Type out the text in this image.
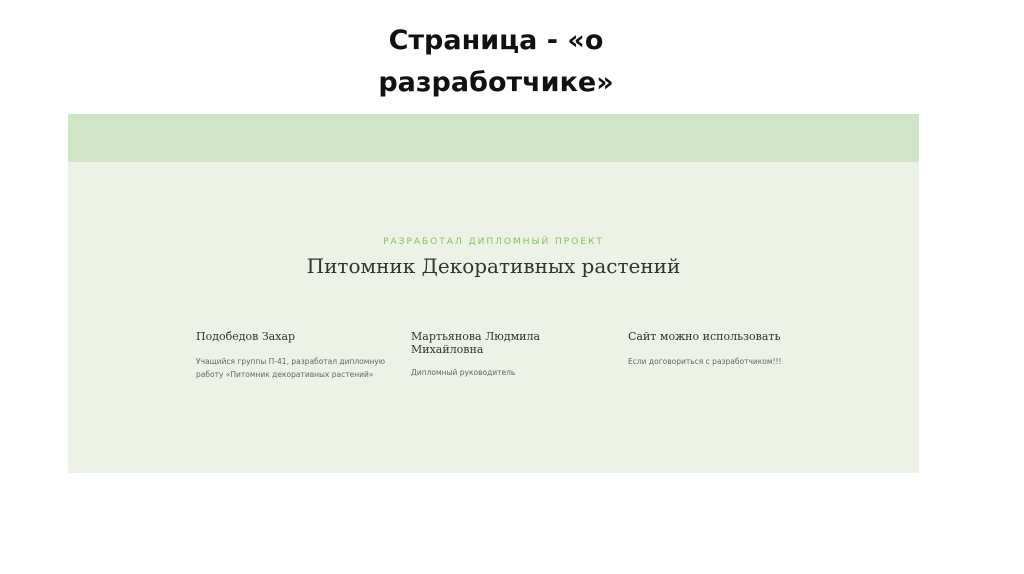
Страница - «о разработчике»
РАЗРАБОТАЛ ДИПЛОМНЫЙ ПРОЕКТ
Питомник Декоративных растений
Подобедов Захар

Учащийся группы П-41, разработал дипломную работу «Питомник декоративных растений»

Мартьянова Людмила Михайловна

Дипломный руководитель

Сайт можно использовать

Если договориться с разработчиком!!!
